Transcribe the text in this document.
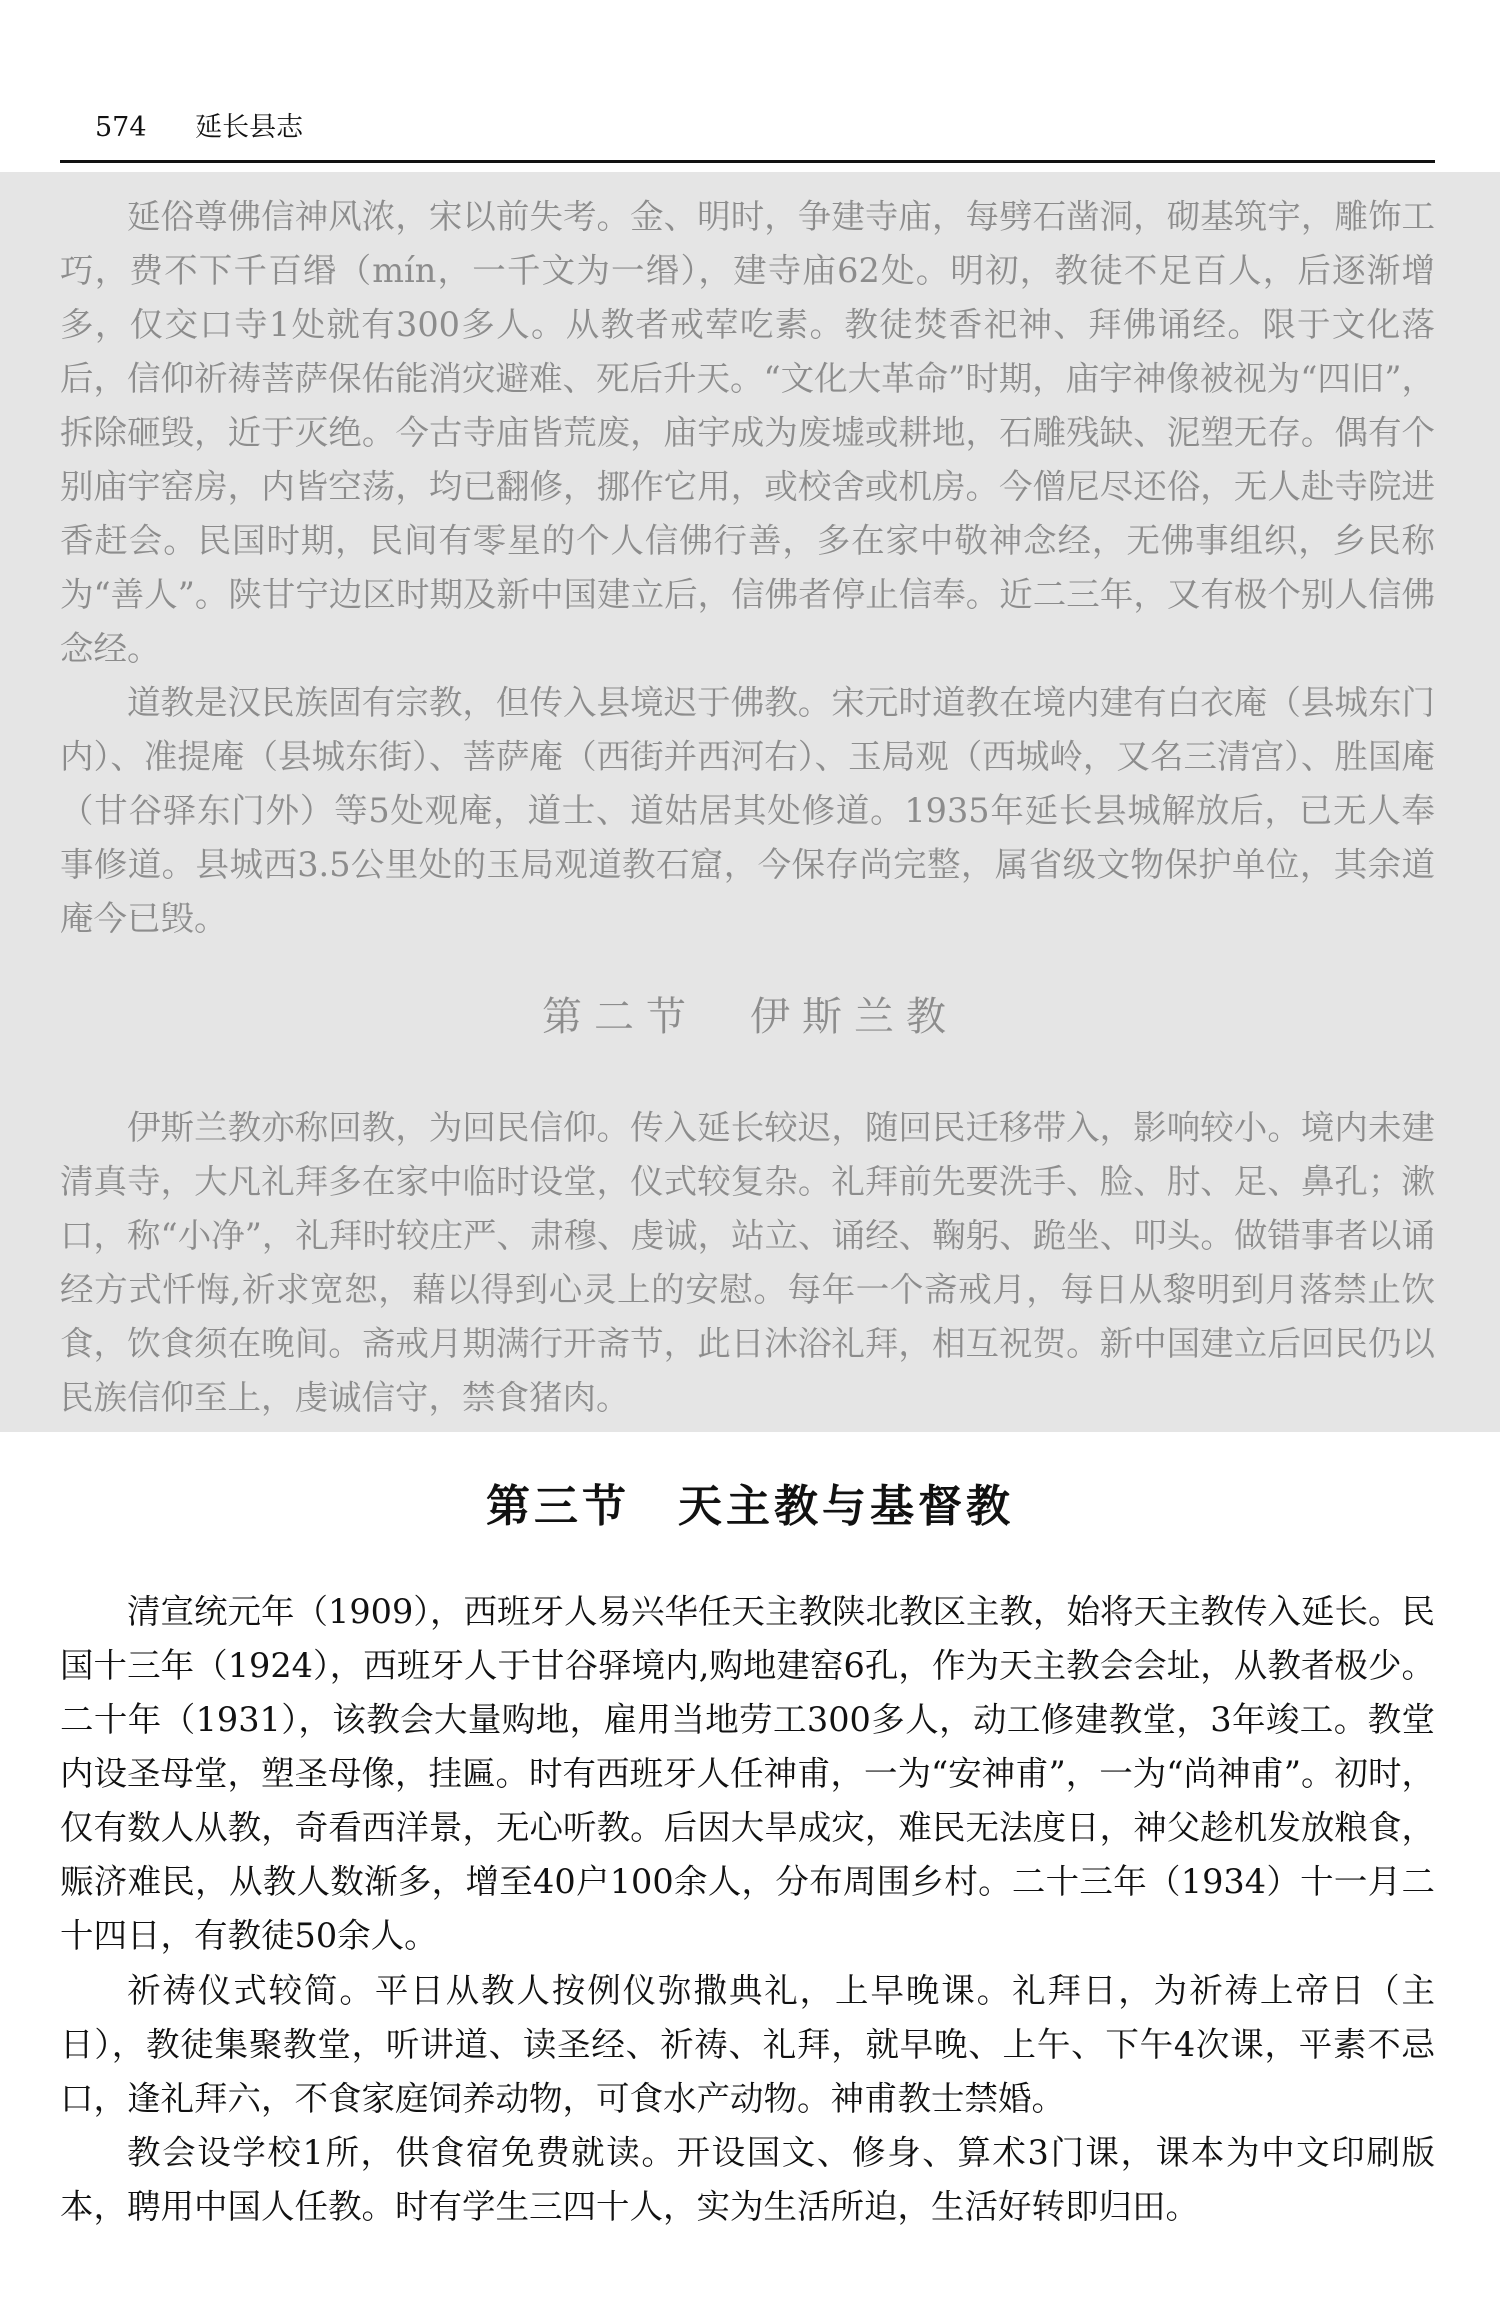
574 延长县志

延俗尊佛信神风浓，宋以前失考。金、明时，争建寺庙，每劈石凿洞，砌基筑宇，雕饰工巧，费不下千百缗（mín，一千文为一缗），建寺庙62处。明初，教徒不足百人，后逐渐增多，仅交口寺1处就有300多人。从教者戒荤吃素。教徒焚香祀神、拜佛诵经。限于文化落后，信仰祈祷菩萨保佑能消灾避难、死后升天。“文化大革命”时期，庙宇神像被视为“四旧”，拆除砸毁，近于灭绝。今古寺庙皆荒废，庙宇成为废墟或耕地，石雕残缺、泥塑无存。偶有个别庙宇窑房，内皆空荡，均已翻修，挪作它用，或校舍或机房。今僧尼尽还俗，无人赴寺院进香赶会。民国时期，民间有零星的个人信佛行善，多在家中敬神念经，无佛事组织，乡民称为“善人”。陕甘宁边区时期及新中国建立后，信佛者停止信奉。近二三年，又有极个别人信佛念经。

道教是汉民族固有宗教，但传入县境迟于佛教。宋元时道教在境内建有白衣庵（县城东门内）、准提庵（县城东街）、菩萨庵（西街并西河右）、玉局观（西城岭，又名三清宫）、胜国庵（甘谷驿东门外）等5处观庵，道士、道姑居其处修道。1935年延长县城解放后，已无人奉事修道。县城西3.5公里处的玉局观道教石窟，今保存尚完整，属省级文物保护单位，其余道庵今已毁。

第二节　伊斯兰教

伊斯兰教亦称回教，为回民信仰。传入延长较迟，随回民迁移带入，影响较小。境内未建清真寺，大凡礼拜多在家中临时设堂，仪式较复杂。礼拜前先要洗手、脸、肘、足、鼻孔；漱口，称“小净”，礼拜时较庄严、肃穆、虔诚，站立、诵经、鞠躬、跪坐、叩头。做错事者以诵经方式忏悔,祈求宽恕，藉以得到心灵上的安慰。每年一个斋戒月，每日从黎明到月落禁止饮食，饮食须在晚间。斋戒月期满行开斋节，此日沐浴礼拜，相互祝贺。新中国建立后回民仍以民族信仰至上，虔诚信守，禁食猪肉。

第三节　天主教与基督教

清宣统元年（1909），西班牙人易兴华任天主教陕北教区主教，始将天主教传入延长。民国十三年（1924），西班牙人于甘谷驿境内,购地建窑6孔，作为天主教会会址，从教者极少。二十年（1931），该教会大量购地，雇用当地劳工300多人，动工修建教堂，3年竣工。教堂内设圣母堂，塑圣母像，挂匾。时有西班牙人任神甫，一为“安神甫”，一为“尚神甫”。初时，仅有数人从教，奇看西洋景，无心听教。后因大旱成灾，难民无法度日，神父趁机发放粮食，赈济难民，从教人数渐多，增至40户100余人，分布周围乡村。二十三年（1934）十一月二十四日，有教徒50余人。

祈祷仪式较简。平日从教人按例仪弥撒典礼，上早晚课。礼拜日，为祈祷上帝日（主日），教徒集聚教堂，听讲道、读圣经、祈祷、礼拜，就早晚、上午、下午4次课，平素不忌口，逢礼拜六，不食家庭饲养动物，可食水产动物。神甫教士禁婚。

教会设学校1所，供食宿免费就读。开设国文、修身、算术3门课，课本为中文印刷版本，聘用中国人任教。时有学生三四十人，实为生活所迫，生活好转即归田。
